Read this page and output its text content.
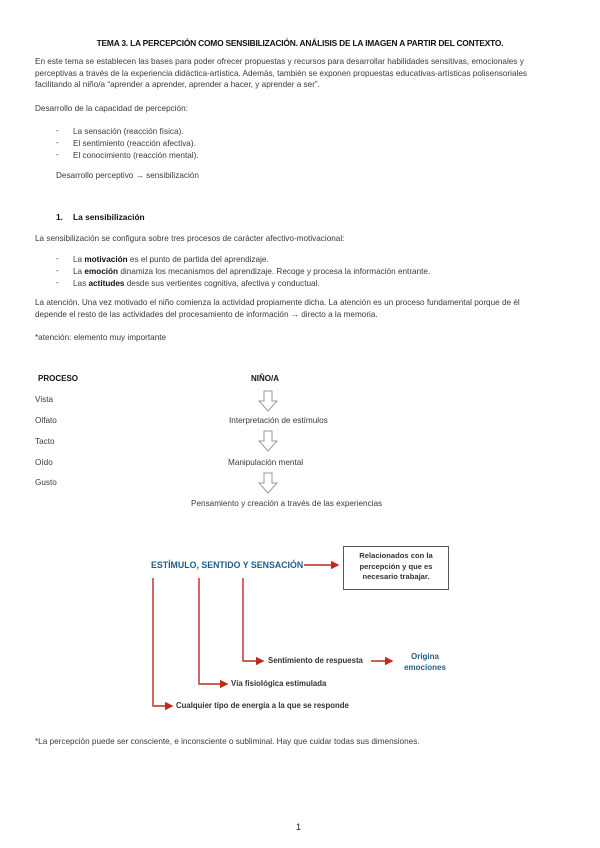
TEMA 3. LA PERCEPCIÓN COMO SENSIBILIZACIÓN. ANÁLISIS DE LA IMAGEN A PARTIR DEL CONTEXTO.
En este tema se establecen las bases para poder ofrecer propuestas y recursos para desarrollar habilidades sensitivas, emocionales y
perceptivas a través de la experiencia didáctica-artística. Además, también se exponen propuestas educativas-artísticas polisensoriales
facilitando al niño/a “aprender a aprender, aprender a hacer, y aprender a ser”.
Desarrollo de la capacidad de percepción:
- La sensación (reacción física).
- El sentimiento (reacción afectiva).
- El conocimiento (reacción mental).
Desarrollo perceptivo → sensibilización
1. La sensibilización
La sensibilización se configura sobre tres procesos de carácter afectivo-motivacional:
- La motivación es el punto de partida del aprendizaje.
- La emoción dinamiza los mecanismos del aprendizaje. Recoge y procesa la información entrante.
- Las actitudes desde sus vertientes cognitiva, afectiva y conductual.
La atención. Una vez motivado el niño comienza la actividad propiamente dicha. La atención es un proceso fundamental porque de él
depende el resto de las actividades del procesamiento de información → directo a la memoria.
*atención: elemento muy importante
PROCESO	NIÑO/A
Vista
Olfato
Tacto
Oído
Gusto
Interpretación de estímulos
Manipulación mental
Pensamiento y creación a través de las experiencias
ESTÍMULO, SENTIDO Y SENSACIÓN
Relacionados con la
percepción y que es
necesario trabajar.
Sentimiento de respuesta	Origina
emociones
Vía fisiológica estimulada
Cualquier tipo de energía a la que se responde
*La percepción puede ser consciente, e inconsciente o subliminal. Hay que cuidar todas sus dimensiones.
1
